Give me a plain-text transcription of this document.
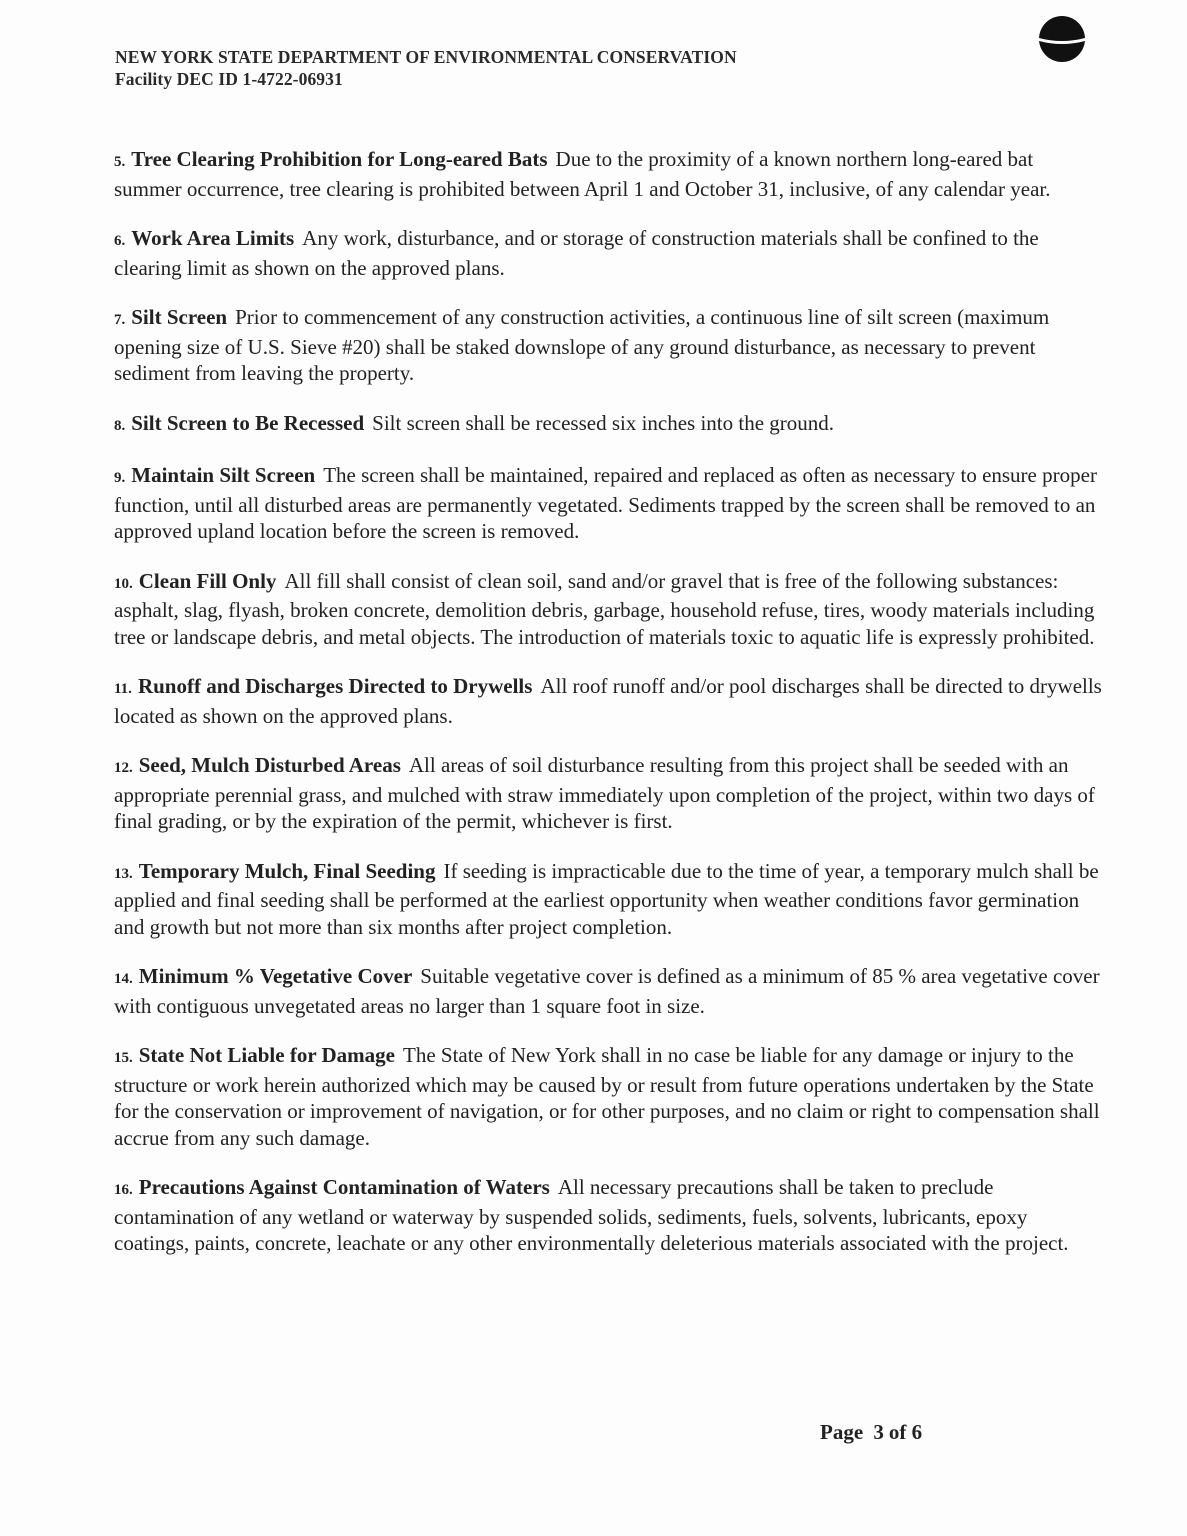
NEW YORK STATE DEPARTMENT OF ENVIRONMENTAL CONSERVATION
Facility DEC ID 1-4722-06931

5. Tree Clearing Prohibition for Long-eared Bats Due to the proximity of a known northern long-eared bat summer occurrence, tree clearing is prohibited between April 1 and October 31, inclusive, of any calendar year.

6. Work Area Limits Any work, disturbance, and or storage of construction materials shall be confined to the clearing limit as shown on the approved plans.

7. Silt Screen Prior to commencement of any construction activities, a continuous line of silt screen (maximum opening size of U.S. Sieve #20) shall be staked downslope of any ground disturbance, as necessary to prevent sediment from leaving the property.

8. Silt Screen to Be Recessed Silt screen shall be recessed six inches into the ground.

9. Maintain Silt Screen The screen shall be maintained, repaired and replaced as often as necessary to ensure proper function, until all disturbed areas are permanently vegetated. Sediments trapped by the screen shall be removed to an approved upland location before the screen is removed.

10. Clean Fill Only All fill shall consist of clean soil, sand and/or gravel that is free of the following substances: asphalt, slag, flyash, broken concrete, demolition debris, garbage, household refuse, tires, woody materials including tree or landscape debris, and metal objects. The introduction of materials toxic to aquatic life is expressly prohibited.

11. Runoff and Discharges Directed to Drywells All roof runoff and/or pool discharges shall be directed to drywells located as shown on the approved plans.

12. Seed, Mulch Disturbed Areas All areas of soil disturbance resulting from this project shall be seeded with an appropriate perennial grass, and mulched with straw immediately upon completion of the project, within two days of final grading, or by the expiration of the permit, whichever is first.

13. Temporary Mulch, Final Seeding If seeding is impracticable due to the time of year, a temporary mulch shall be applied and final seeding shall be performed at the earliest opportunity when weather conditions favor germination and growth but not more than six months after project completion.

14. Minimum % Vegetative Cover Suitable vegetative cover is defined as a minimum of 85 % area vegetative cover with contiguous unvegetated areas no larger than 1 square foot in size.

15. State Not Liable for Damage The State of New York shall in no case be liable for any damage or injury to the structure or work herein authorized which may be caused by or result from future operations undertaken by the State for the conservation or improvement of navigation, or for other purposes, and no claim or right to compensation shall accrue from any such damage.

16. Precautions Against Contamination of Waters All necessary precautions shall be taken to preclude contamination of any wetland or waterway by suspended solids, sediments, fuels, solvents, lubricants, epoxy coatings, paints, concrete, leachate or any other environmentally deleterious materials associated with the project.

Page 3 of 6
